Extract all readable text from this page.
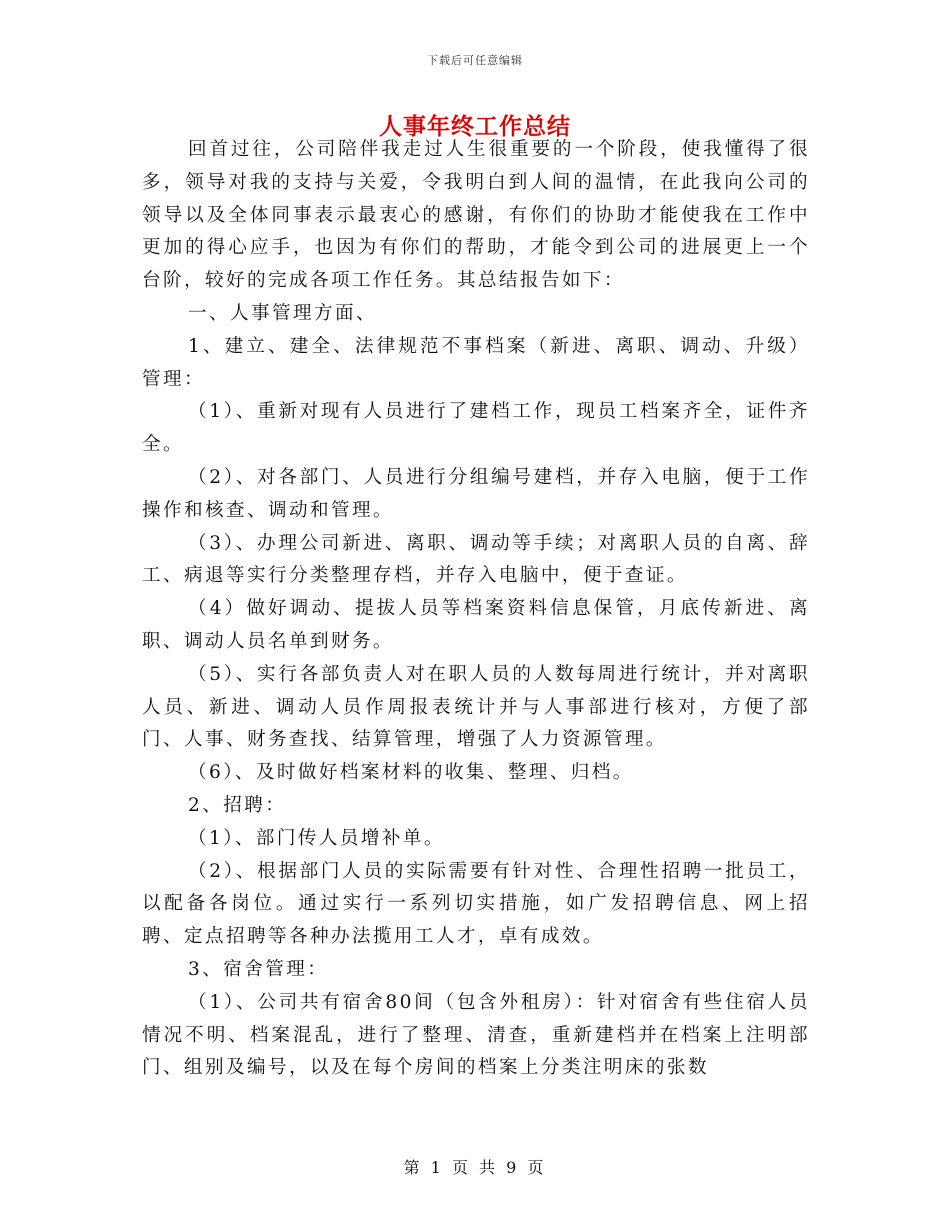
下载后可任意编辑
人事年终工作总结

回首过往，公司陪伴我走过人生很重要的一个阶段，使我懂得了很多，领导对我的支持与关爱，令我明白到人间的温情，在此我向公司的领导以及全体同事表示最衷心的感谢，有你们的协助才能使我在工作中更加的得心应手，也因为有你们的帮助，才能令到公司的进展更上一个台阶，较好的完成各项工作任务。其总结报告如下：

一、人事管理方面、

1、建立、建全、法律规范不事档案（新进、离职、调动、升级）管理：

（1）、重新对现有人员进行了建档工作，现员工档案齐全，证件齐全。

（2）、对各部门、人员进行分组编号建档，并存入电脑，便于工作操作和核查、调动和管理。

（3）、办理公司新进、离职、调动等手续；对离职人员的自离、辞工、病退等实行分类整理存档，并存入电脑中，便于查证。

（4）做好调动、提拔人员等档案资料信息保管，月底传新进、离职、调动人员名单到财务。

（5）、实行各部负责人对在职人员的人数每周进行统计，并对离职人员、新进、调动人员作周报表统计并与人事部进行核对，方便了部门、人事、财务查找、结算管理，增强了人力资源管理。

（6）、及时做好档案材料的收集、整理、归档。

2、招聘：

（1）、部门传人员增补单。

（2）、根据部门人员的实际需要有针对性、合理性招聘一批员工，以配备各岗位。通过实行一系列切实措施，如广发招聘信息、网上招聘、定点招聘等各种办法揽用工人才，卓有成效。

3、宿舍管理：

（1）、公司共有宿舍80间（包含外租房）：针对宿舍有些住宿人员情况不明、档案混乱，进行了整理、清查，重新建档并在档案上注明部门、组别及编号，以及在每个房间的档案上分类注明床的张数

第 1 页 共 9 页
